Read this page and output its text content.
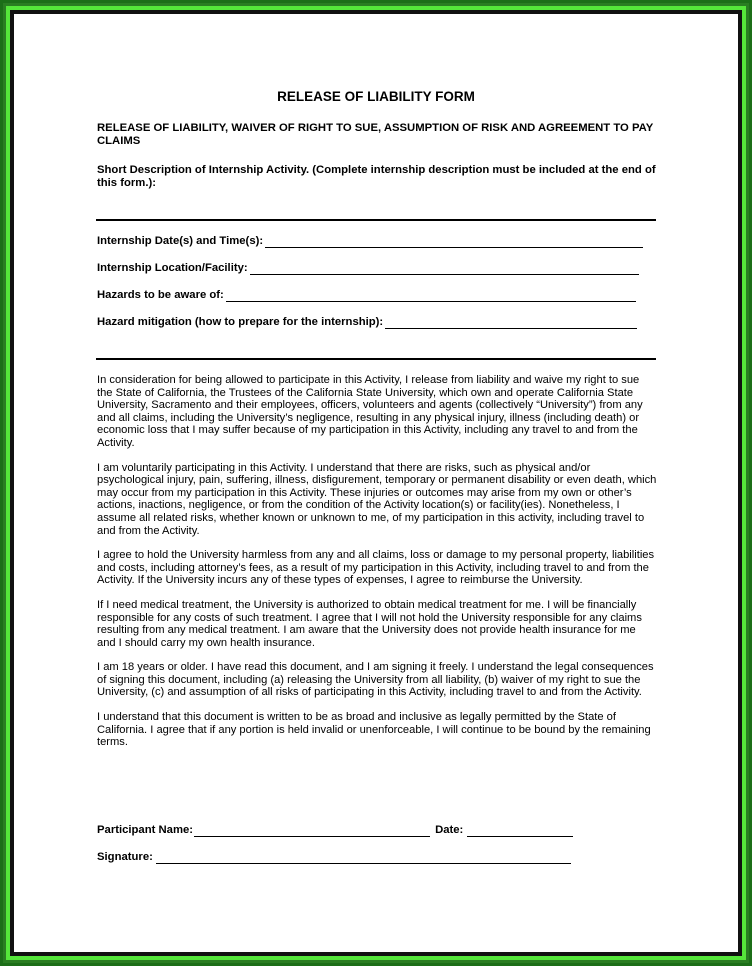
RELEASE OF LIABILITY FORM
RELEASE OF LIABILITY, WAIVER OF RIGHT TO SUE, ASSUMPTION OF RISK AND AGREEMENT TO PAY CLAIMS
Short Description of Internship Activity. (Complete internship description must be included at the end of this form.):
Internship Date(s) and Time(s):
Internship Location/Facility:
Hazards to be aware of:
Hazard mitigation (how to prepare for the internship):

In consideration for being allowed to participate in this Activity, I release from liability and waive my right to sue the State of California, the Trustees of the California State University, which own and operate California State University, Sacramento and their employees, officers, volunteers and agents (collectively “University”) from any and all claims, including the University’s negligence, resulting in any physical injury, illness (including death) or economic loss that I may suffer because of my participation in this Activity, including any travel to and from the Activity.

I am voluntarily participating in this Activity. I understand that there are risks, such as physical and/or psychological injury, pain, suffering, illness, disfigurement, temporary or permanent disability or even death, which may occur from my participation in this Activity. These injuries or outcomes may arise from my own or other’s actions, inactions, negligence, or from the condition of the Activity location(s) or facility(ies). Nonetheless, I assume all related risks, whether known or unknown to me, of my participation in this activity, including travel to and from the Activity.

I agree to hold the University harmless from any and all claims, loss or damage to my personal property, liabilities and costs, including attorney’s fees, as a result of my participation in this Activity, including travel to and from the Activity. If the University incurs any of these types of expenses, I agree to reimburse the University.

If I need medical treatment, the University is authorized to obtain medical treatment for me. I will be financially responsible for any costs of such treatment. I agree that I will not hold the University responsible for any claims resulting from any medical treatment. I am aware that the University does not provide health insurance for me and I should carry my own health insurance.

I am 18 years or older. I have read this document, and I am signing it freely. I understand the legal consequences of signing this document, including (a) releasing the University from all liability, (b) waiver of my right to sue the University, (c) and assumption of all risks of participating in this Activity, including travel to and from the Activity.

I understand that this document is written to be as broad and inclusive as legally permitted by the State of California. I agree that if any portion is held invalid or unenforceable, I will continue to be bound by the remaining terms.

Participant Name:	Date:
Signature:
